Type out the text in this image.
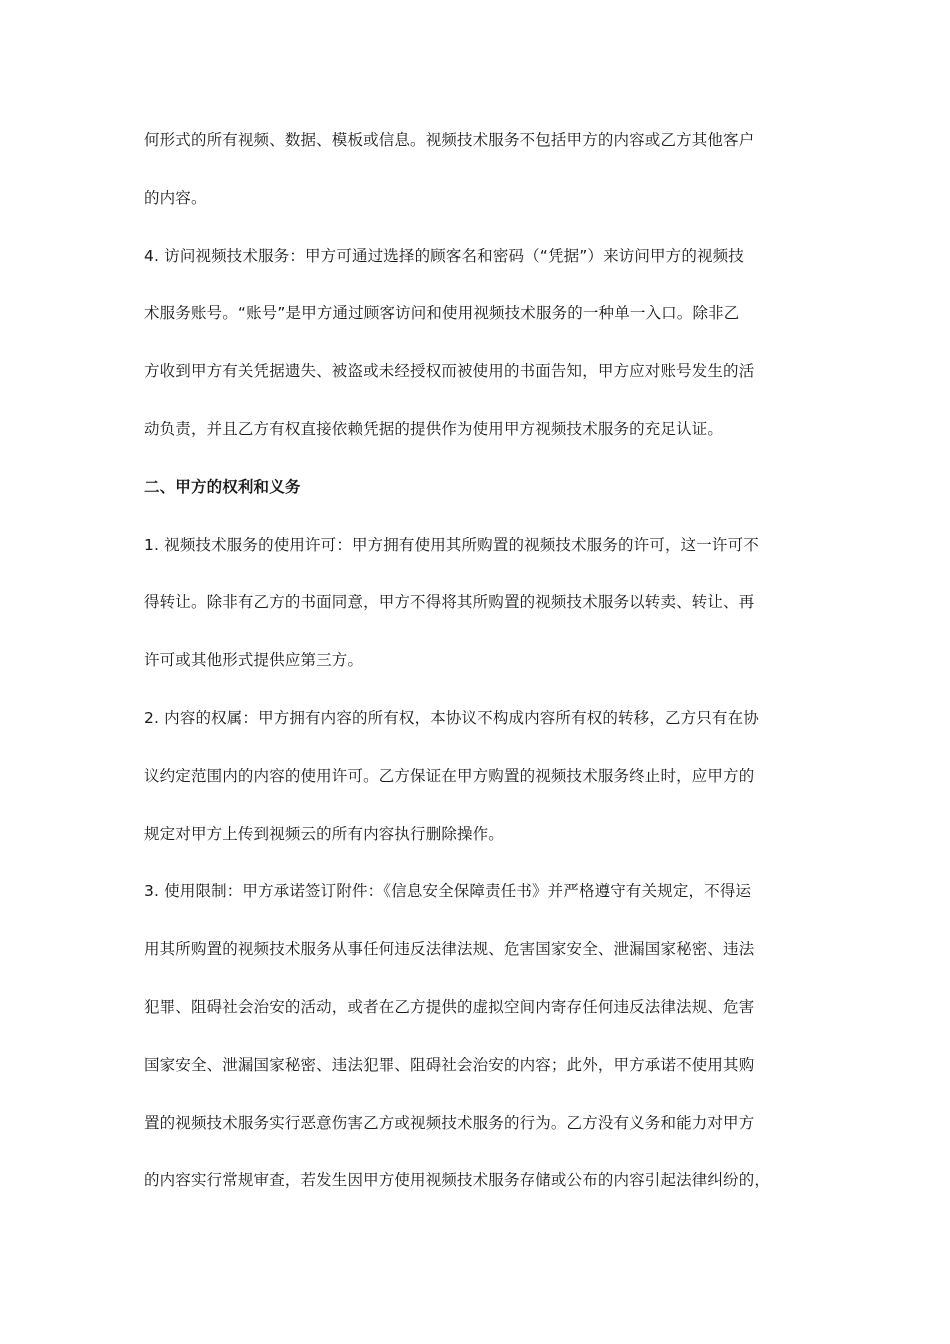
何形式的所有视频、数据、模板或信息。视频技术服务不包括甲方的内容或乙方其他客户
的内容。
4. 访问视频技术服务：甲方可通过选择的顾客名和密码（“凭据”）来访问甲方的视频技
术服务账号。“账号”是甲方通过顾客访问和使用视频技术服务的一种单一入口。除非乙
方收到甲方有关凭据遗失、被盗或未经授权而被使用的书面告知，甲方应对账号发生的活
动负责，并且乙方有权直接依赖凭据的提供作为使用甲方视频技术服务的充足认证。
二、甲方的权利和义务
1. 视频技术服务的使用许可：甲方拥有使用其所购置的视频技术服务的许可，这一许可不
得转让。除非有乙方的书面同意，甲方不得将其所购置的视频技术服务以转卖、转让、再
许可或其他形式提供应第三方。
2. 内容的权属：甲方拥有内容的所有权，本协议不构成内容所有权的转移，乙方只有在协
议约定范围内的内容的使用许可。乙方保证在甲方购置的视频技术服务终止时，应甲方的
规定对甲方上传到视频云的所有内容执行删除操作。
3. 使用限制：甲方承诺签订附件：《信息安全保障责任书》并严格遵守有关规定，不得运
用其所购置的视频技术服务从事任何违反法律法规、危害国家安全、泄漏国家秘密、违法
犯罪、阻碍社会治安的活动，或者在乙方提供的虚拟空间内寄存任何违反法律法规、危害
国家安全、泄漏国家秘密、违法犯罪、阻碍社会治安的内容；此外，甲方承诺不使用其购
置的视频技术服务实行恶意伤害乙方或视频技术服务的行为。乙方没有义务和能力对甲方
的内容实行常规审查，若发生因甲方使用视频技术服务存储或公布的内容引起法律纠纷的，
